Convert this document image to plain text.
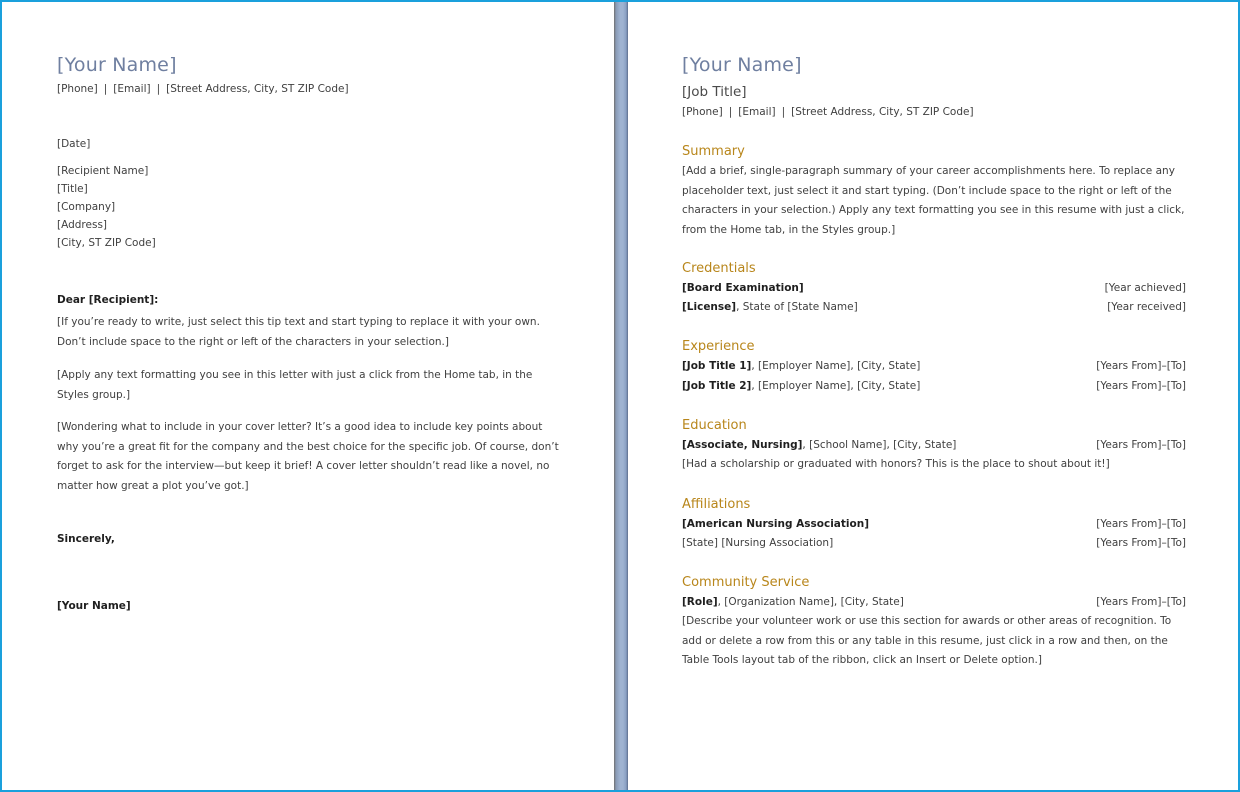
[Your Name]
[Phone] | [Email] | [Street Address, City, ST ZIP Code]
[Date]
[Recipient Name]
[Title]
[Company]
[Address]
[City, ST ZIP Code]
Dear [Recipient]:
[If you’re ready to write, just select this tip text and start typing to replace it with your own. Don’t include space to the right or left of the characters in your selection.]
[Apply any text formatting you see in this letter with just a click from the Home tab, in the Styles group.]
[Wondering what to include in your cover letter? It’s a good idea to include key points about why you’re a great fit for the company and the best choice for the specific job. Of course, don’t forget to ask for the interview—but keep it brief! A cover letter shouldn’t read like a novel, no matter how great a plot you’ve got.]
Sincerely,
[Your Name]
[Your Name]
[Job Title]
[Phone] | [Email] | [Street Address, City, ST ZIP Code]
Summary
[Add a brief, single-paragraph summary of your career accomplishments here. To replace any placeholder text, just select it and start typing. (Don’t include space to the right or left of the characters in your selection.) Apply any text formatting you see in this resume with just a click, from the Home tab, in the Styles group.]
Credentials
[Board Examination]	[Year achieved]
[License], State of [State Name]	[Year received]
Experience
[Job Title 1], [Employer Name], [City, State]	[Years From]–[To]
[Job Title 2], [Employer Name], [City, State]	[Years From]–[To]
Education
[Associate, Nursing], [School Name], [City, State]	[Years From]–[To]
[Had a scholarship or graduated with honors? This is the place to shout about it!]
Affiliations
[American Nursing Association]	[Years From]–[To]
[State] [Nursing Association]	[Years From]–[To]
Community Service
[Role], [Organization Name], [City, State]	[Years From]–[To]
[Describe your volunteer work or use this section for awards or other areas of recognition. To add or delete a row from this or any table in this resume, just click in a row and then, on the Table Tools layout tab of the ribbon, click an Insert or Delete option.]
